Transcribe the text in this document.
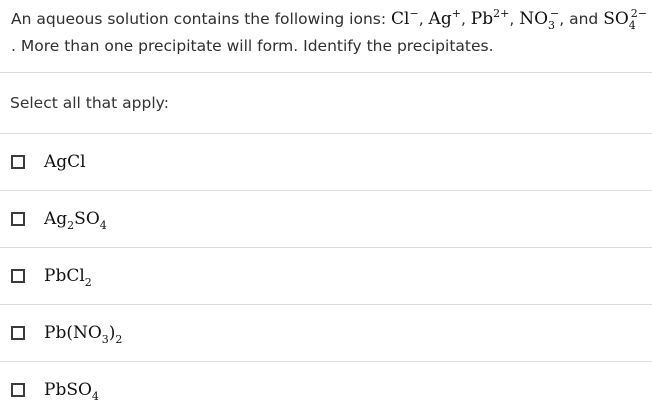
An aqueous solution contains the following ions: Cl−, Ag+, $Pb^{2+}$, $NO_3^-$, and $SO_4^{2-}$
. More than one precipitate will form. Identify the precipitates.
Select all that apply:
AgCl
$Ag_2SO_4$
PbCl$_2$
$Pb(NO_3)_2$
PbSO$_4$
